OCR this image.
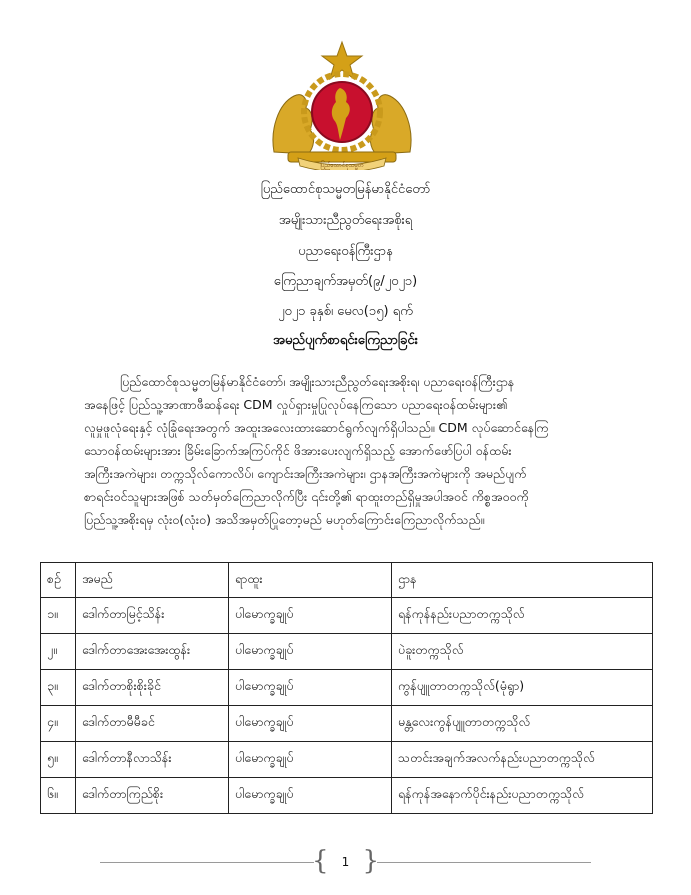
ပြည်ထောင်စုသမ္မတ
ပြည်ထောင်စုသမ္မတမြန်မာနိုင်ငံတော်
အမျိုးသားညီညွတ်ရေးအစိုးရ
ပညာရေးဝန်ကြီးဌာန
ကြေညာချက်အမှတ်(၉/၂၀၂၁)
၂၀၂၁ ခုနှစ်၊ မေလ(၁၅) ရက်
အမည်ပျက်စာရင်းကြေညာခြင်း
ပြည်ထောင်စုသမ္မတမြန်မာနိုင်ငံတော်၊ အမျိုးသားညီညွတ်ရေးအစိုးရ၊ ပညာရေးဝန်ကြီးဌာန
အနေဖြင့် ပြည်သူ့အာဏာဖီဆန်ရေး CDM လှုပ်ရှားမှုပြုလုပ်နေကြသော ပညာရေးဝန်ထမ်းများ၏
လူမှုဖူလုံရေးနှင့် လုံခြုံရေးအတွက် အထူးအလေးထားဆောင်ရွက်လျက်ရှိပါသည်။ CDM လုပ်ဆောင်နေကြ
သောဝန်ထမ်းများအား ခြိမ်းခြောက်အကြပ်ကိုင် ဖိအားပေးလျက်ရှိသည့် အောက်ဖော်ပြပါ ဝန်ထမ်း
အကြီးအကဲများ၊ တက္ကသိုလ်ကောလိပ်၊ ကျောင်းအကြီးအကဲများ၊ ဌာနအကြီးအကဲများကို အမည်ပျက်
စာရင်းဝင်သူများအဖြစ် သတ်မှတ်ကြေညာလိုက်ပြီး ၎င်းတို့၏ ရာထူးတည်ရှိမှုအပါအဝင် ကိစ္စအဝဝကို
ပြည်သူ့အစိုးရမှ လုံးဝ(လုံးဝ) အသိအမှတ်ပြုတော့မည် မဟုတ်ကြောင်းကြေညာလိုက်သည်။
စဉ်	အမည်	ရာထူး	ဌာန
၁။	ဒေါက်တာမြင့်သိန်း	ပါမောက္ခချုပ်	ရန်ကုန်နည်းပညာတက္ကသိုလ်
၂။	ဒေါက်တာအေးအေးထွန်း	ပါမောက္ခချုပ်	ပဲခူးတက္ကသိုလ်
၃။	ဒေါက်တာစိုးစိုးခိုင်	ပါမောက္ခချုပ်	ကွန်ပျူတာတက္ကသိုလ်(မုံရွာ)
၄။	ဒေါက်တာမီမီခင်	ပါမောက္ခချုပ်	မန္တလေးကွန်ပျူတာတက္ကသိုလ်
၅။	ဒေါက်တာနီလာသိန်း	ပါမောက္ခချုပ်	သတင်းအချက်အလက်နည်းပညာတက္ကသိုလ်
၆။	ဒေါက်တာကြည်စိုး	ပါမောက္ခချုပ်	ရန်ကုန်အနောက်ပိုင်းနည်းပညာတက္ကသိုလ်
{	1 }
